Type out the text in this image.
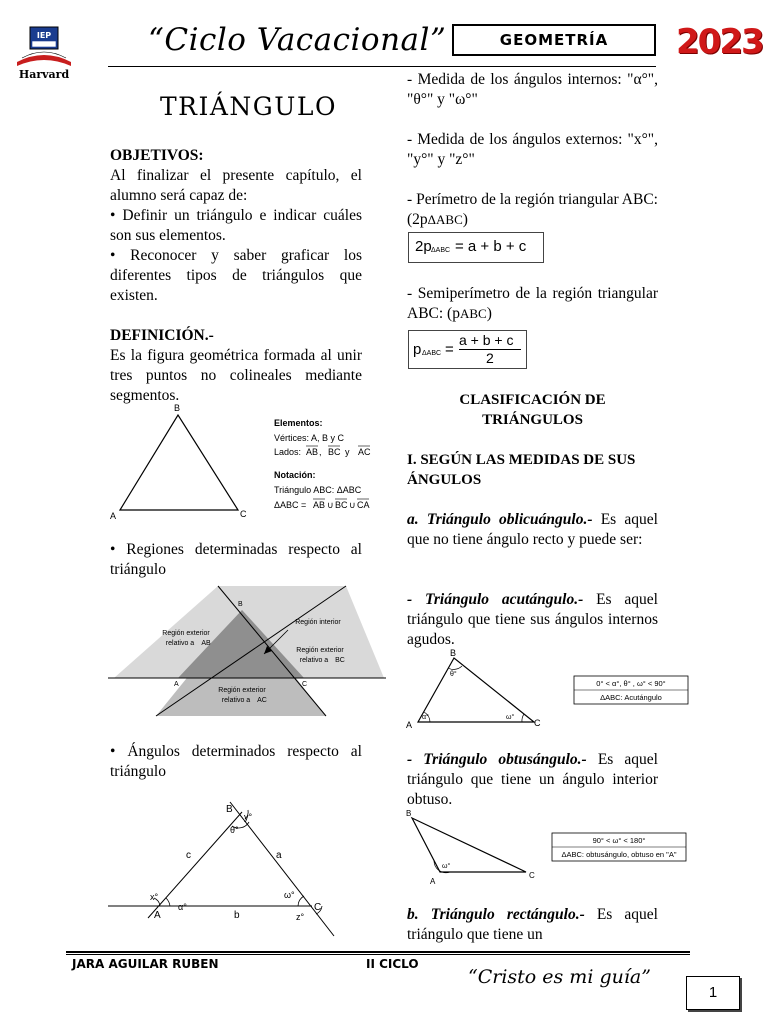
IEP
Harvard
“Ciclo Vacacional”	GEOMETRÍA	2023
TRIÁNGULO
OBJETIVOS:
Al finalizar el presente capítulo, el alumno será capaz de:
• Definir un triángulo e indicar cuáles son sus elementos.
• Reconocer y saber graficar los diferentes tipos de triángulos que existen.
DEFINICIÓN.-
Es la figura geométrica formada al unir tres puntos no colineales mediante segmentos.
B
A	C
Elementos:
Vértices: A, B y C
Lados: AB , BC y AC
Notación:
Triángulo ABC: ΔABC
ΔABC = AB ∪ BC ∪ CA
• Regiones determinadas respecto al triángulo
B
A	C
Región exterior
relativo a AB
Región interior
Región exterior
relativo a BC
Región exterior
relativo a AC
• Ángulos determinados respecto al triángulo
B
A
C
y°
θ°
x°
α°
ω°
z°
c	a
b
- Medida de los ángulos internos: "α°", "θ°" y "ω°"
- Medida de los ángulos externos: "x°", "y°" y "z°"
- Perímetro de la región triangular ABC: (2pΔABC)
2p ΔABC = a + b + c
- Semiperímetro de la región triangular ABC: (pABC)
p ΔABC =
a + b + c
2
CLASIFICACIÓN DE
TRIÁNGULOS
I. SEGÚN LAS MEDIDAS DE SUS
ÁNGULOS
a. Triángulo oblicuángulo.- Es aquel que no tiene ángulo recto y puede ser:
- Triángulo acutángulo.- Es aquel triángulo que tiene sus ángulos internos agudos.
B
A	C
θ°
α°	ω°
0° < α°, θ° , ω° < 90°
ΔABC: Acutángulo
- Triángulo obtusángulo.- Es aquel triángulo que tiene un ángulo interior obtuso.
B
A
C
ω°
90° < ω° < 180°
ΔABC: obtusángulo, obtuso en "A"
b. Triángulo rectángulo.- Es aquel triángulo que tiene un
JARA AGUILAR RUBEN	II CICLO
“Cristo es mi guía”
1
